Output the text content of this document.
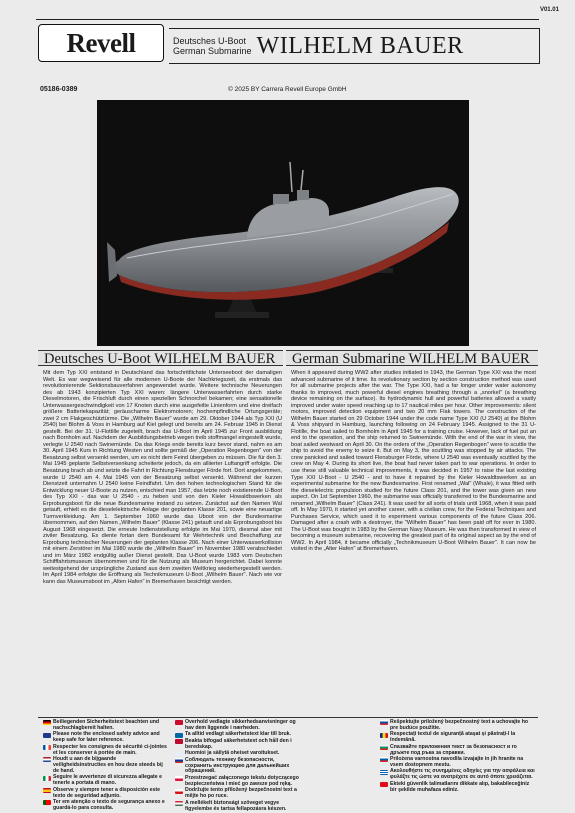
V01.01
Revell	Deutsches U-Boot
German Submarine WILHELM BAUER
05186-0389	© 2025 BY Carrera Revell Europe GmbH
Deutsches U-Boot WILHELM BAUER	German Submarine WILHELM BAUER

Mit dem Typ XXI entstand in Deutschland das fortschrittlichste Unterseeboot der damaligen Welt. Es war wegweisend für alle modernen U-Boote der Nachkriegszeit, da erstmals das revolutionierende Sektionsbauverfahren angewendet wurde. Weitere technische Neuerungen des ab 1943 konzipierten Typ XXI waren: längere Unterwasserfahrten durch starke Dieselmotoren, die Frischluft durch einen speziellen Schnorchel bekamen; eine sensationelle Unterwassergeschwindigkeit von 17 Knoten durch eine ausgefeilte Linienform und eine dreifach größere Batteriekapazität; geräuscharme Elektromotoren; hochempfindliche Ortungsgeräte; zwei 2 cm Flakgeschütztürme. Die „Wilhelm Bauer" wurde am 29. Oktober 1944 als Typ XXI (U 2540) bei Blohm & Voss in Hamburg auf Kiel gelegt und bereits am 24. Februar 1945 in Dienst gestellt. Bei der 31. U-Flottille zugeteilt, brach das U-Boot im April 1945 zur Front ausbildung nach Bornholm auf. Nachdem der Ausbildungsbetrieb wegen treib stoffmangel eingestellt wurde, verlegte U 2540 nach Swinemünde. Da das Kriegs ende bereits kurz bevor stand, nahm es am 30. April 1945 Kurs in Richtung Westen und sollte gemäß der „Operation Regenbogen" von der Besatzung selbst versenkt werden, um es nicht dem Feind übergeben zu müssen. Die für den 3. Mai 1945 geplante Selbstversenkung scheiterte jedoch, da ein alliierter Luftangriff erfolgte. Die Besatzung brach ab und setzte die Fahrt in Richtung Flensburger Förde fort. Dort angekommen, wurde U 2540 am 4. Mai 1945 von der Besatzung selbst versenkt. Während der kurzen Dienstzeit unternahm U 2540 keine Feindfahrt. Um den hohen technologischen Stand für die Entwicklung neuer U-Boote zu nutzen, entschied man 1957, das letzte noch existierende U-Boot des Typ XXI - das war U 2540 - zu heben und von den Kieler Howaldtswerken als Erprobungsboot für die neue Bundesmarine instand zu setzen. Zunächst auf den Namen Wal getauft, erhielt es die dieselelektrische Anlage der geplanten Klasse 201, sowie eine neuartige Turmverkleidung. Am 1. September 1960 wurde das Uboot von der Bundesmarine übernommen, auf den Namen „Wilhelm Bauer" (Klasse 241) getauft und als Erprobungsboot bis August 1968 eingesetzt. Die erneute Indienststellung erfolgte im Mai 1970, diesmal aber mit ziviler Besatzung. Es diente fortan dem Bundesamt für Wehrtechnik und Beschaffung zur Erprobung technischer Neuerungen der geplanten Klasse 206. Nach einer Unterwasserkollision mit einem Zerstörer im Mai 1980 wurde die „Wilhelm Bauer" im November 1980 verabschiedet und im März 1982 endgültig außer Dienst gestellt. Das U-Boot wurde 1983 vom Deutschen Schifffahrtsmuseum übernommen und für die Nutzung als Museum hergerichtet. Dabei konnte weitestgehend der ursprüngliche Zustand aus dem zweiten Weltkrieg wiederhergestellt werden. Im April 1984 erfolgte die Eröffnung als Technikmuseum U-Boot „Wilhelm Bauer". Nach wie vor kann das Museumsboot im „Alten Hafen" in Bremerhaven besichtigt werden.

When it appeared during WW2 after studies initiated in 1943, the German Type XXI was the most advanced submarine of it time. Its revolutionary section by section construction method was used for all submarine projects after the war. The Type XXI, had a far longer under water autonomy thanks to improved, much powerful diesel engines breathing through a „snorkel" (a breathing device remaining on the surface). Its hydrodynamic hull and powerful batteries allowed a vastly improved under water speed reaching up to 17 nautical miles per hour. Other improvements: silent motors, improved detection equipment and two 20 mm Flak towers. The construction of the Wilhelm Bauer started on 29 October 1944 under the code name Type XXI (U 2540) at the Blohm & Voss shipyard in Hamburg, launching following on 24 February 1945. Assigned to the 31 U-Flotille, the boat sailed to Bornholm in April 1945 for a training cruise. However, lack of fuel put an end to the operation, and the ship returned to Swinemünde. With the end of the war in view, the boat sailed westward on April 30. On the orders of the „Operation Regenbogen" were to scuttle the ship to avoid the enemy to seize it. But on May 3, the scuttling was stopped by air attacks. The crew panicked and sailed toward Flensburger Förde, where U 2540 was eventually scuttled by the crew on May 4. During its short live, the boat had never taken part to war operations. In order to use these still valuable technical improvements, it was decided in 1957 to raise the last existing Type XXI U-Boot - U 2540 - and to have it repaired by the Kieler Howaldtswerken as an experimental submarine for the new Bundesmarine. First renamed „Wal" (Whale), it was fitted with the dieselelectric propulsion studied for the future Class 201, and the tower was given an new aspect. On 1st September 1960, the submarine was officially transferred to the Bundesmarine and renamed „Wilhelm Bauer" (Class 241). It was used for all sorts of trials until 1968, when it was paid off. In May 1970, it started yet another career, with a civilian crew, for the Federal Techniques and Purchases Service, which used it to experiment various components of the future Class 206. Damaged after a crash with a destroyer, the "Wilhelm Bauer" has been paid off for ever in 1980. The U-Boot was bought in 1983 by the German Navy Museum. He was then transformed in view of becoming a museum submarine, recovering the greatest part of its original aspect as by the end of WW2. In April 1984, it became officially „Technikmuseum U-Boot Wilhelm Bauer". It can now be visited in the „Alter Hafen" at Bremerhaven.

Beiliegenden Sicherheitstext beachten und nachschlagbereit halten.
Please note the enclosed safety advice and keep safe for later reference.
Respecter les consignes de sécurité ci-jointes et les conserver à portée de main.
Houdt u aan de bijgaande veiligheidsinstructies en hou deze steeds bij de hand.
Seguire le avvertenze di sicurezza allegate e tenerle a portata di mano.
Observe y siempre tener a disposición este texto de seguridad adjunto.
Ter em atenção o texto de segurança anexo e guardá-lo para consulta.
Overhold vedlagte sikkerhedsanvisninger og hav dem liggende i nærheden.
Ta alltid vedlagt säkerhetstext klar till bruk.
Beakta bifogad säkerhetstext och håll den i beredskap.
Huomioi ja säilytä oheiset varoitukset.
Соблюдать технику безопасности, сохранить инструкцию для дальнейших обращений.
Przestrzegać załączonego tekstu dotyczącego bezpieczeństwa i mieć go zawsze pod ręką.
Dodržujte tento přiložený bezpečnostní text a mějte ho po ruce.
A mellékelt biztonsági szöveget vegye figyelembe és tartsa fellapozásra készen.
Rešpektujte priložený bezpečnostný text a uchovajte ho pre budúce použitie.
Respectați textul de siguranță atașat și păstrați-l la îndemână.
Спазвайте приложения текст за безопасност и го дръжте под ръка за справки.
Prilożena varnostna navodila izvajajte in jih hranite na vsem dostopnem mestu.
Ακολουθήστε τις συνημμένες οδηγίες για την ασφάλεια και φυλάξτε τις ώστε να ανατρέχετε σε αυτό όποτε χρειάζεται.
Ekteki güvenlik talimatlarını dikkate alıp, bakabileceğiniz bir şekilde muhafaza ediniz.
